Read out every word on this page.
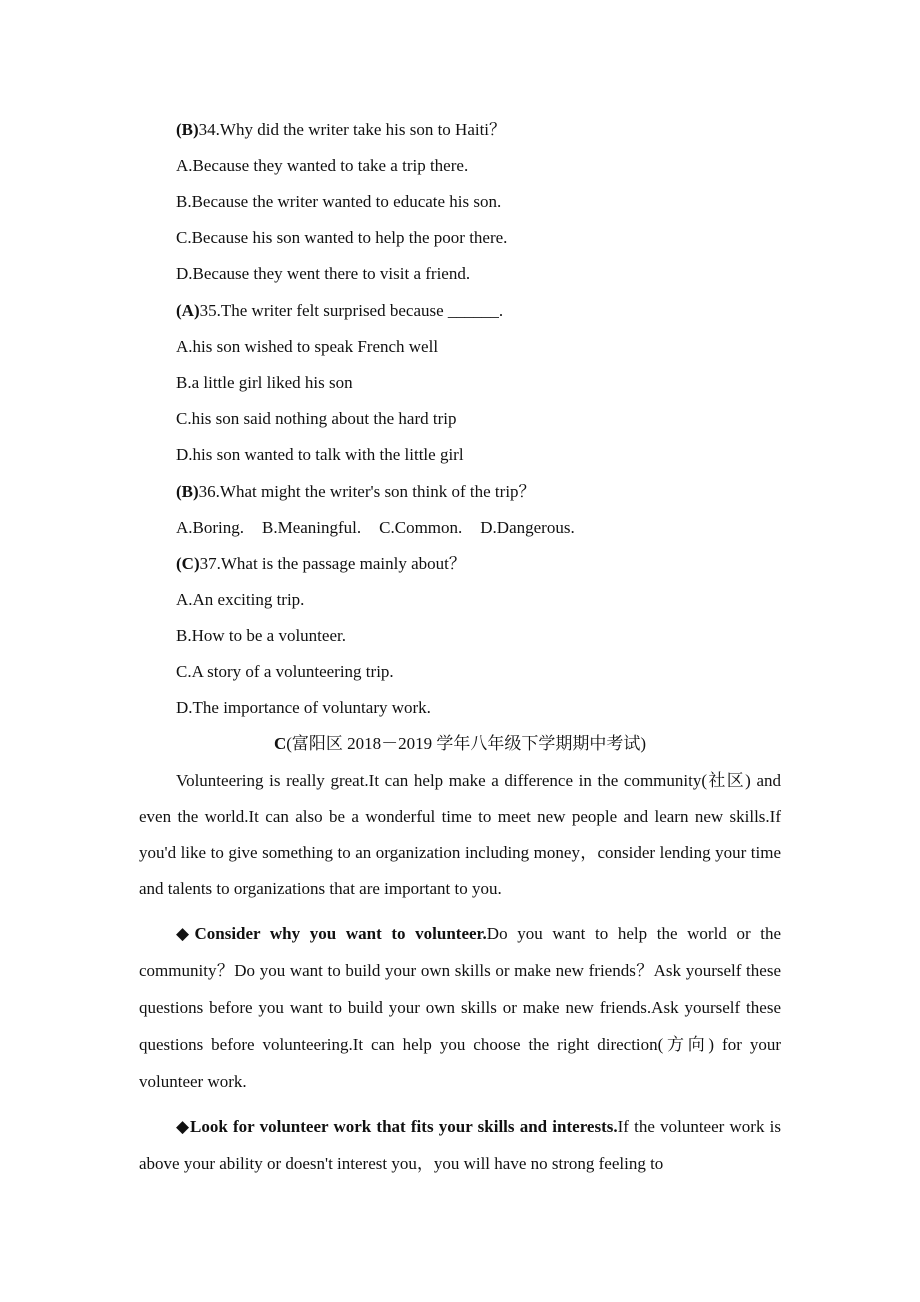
(B)34.Why did the writer take his son to Haiti？
A.Because they wanted to take a trip there.
B.Because the writer wanted to educate his son.
C.Because his son wanted to help the poor there.
D.Because they went there to visit a friend.
(A)35.The writer felt surprised because ______.
A.his son wished to speak French well
B.a little girl liked his son
C.his son said nothing about the hard trip
D.his son wanted to talk with the little girl
(B)36.What might the writer's son think of the trip？
A.Boring. B.Meaningful. C.Common. D.Dangerous.
(C)37.What is the passage mainly about？
A.An exciting trip.
B.How to be a volunteer.
C.A story of a volunteering trip.
D.The importance of voluntary work.
C(富阳区 2018－2019 学年八年级下学期期中考试)

Volunteering is really great.It can help make a difference in the community(社区) and even the world.It can also be a wonderful time to meet new people and learn new skills.If you'd like to give something to an organization including money，consider lending your time and talents to organizations that are important to you.

◆Consider why you want to volunteer.Do you want to help the world or the community？Do you want to build your own skills or make new friends？Ask yourself these questions before you want to build your own skills or make new friends.Ask yourself these questions before volunteering.It can help you choose the right direction(方向) for your volunteer work.

◆Look for volunteer work that fits your skills and interests.If the volunteer work is above your ability or doesn't interest you，you will have no strong feeling to
